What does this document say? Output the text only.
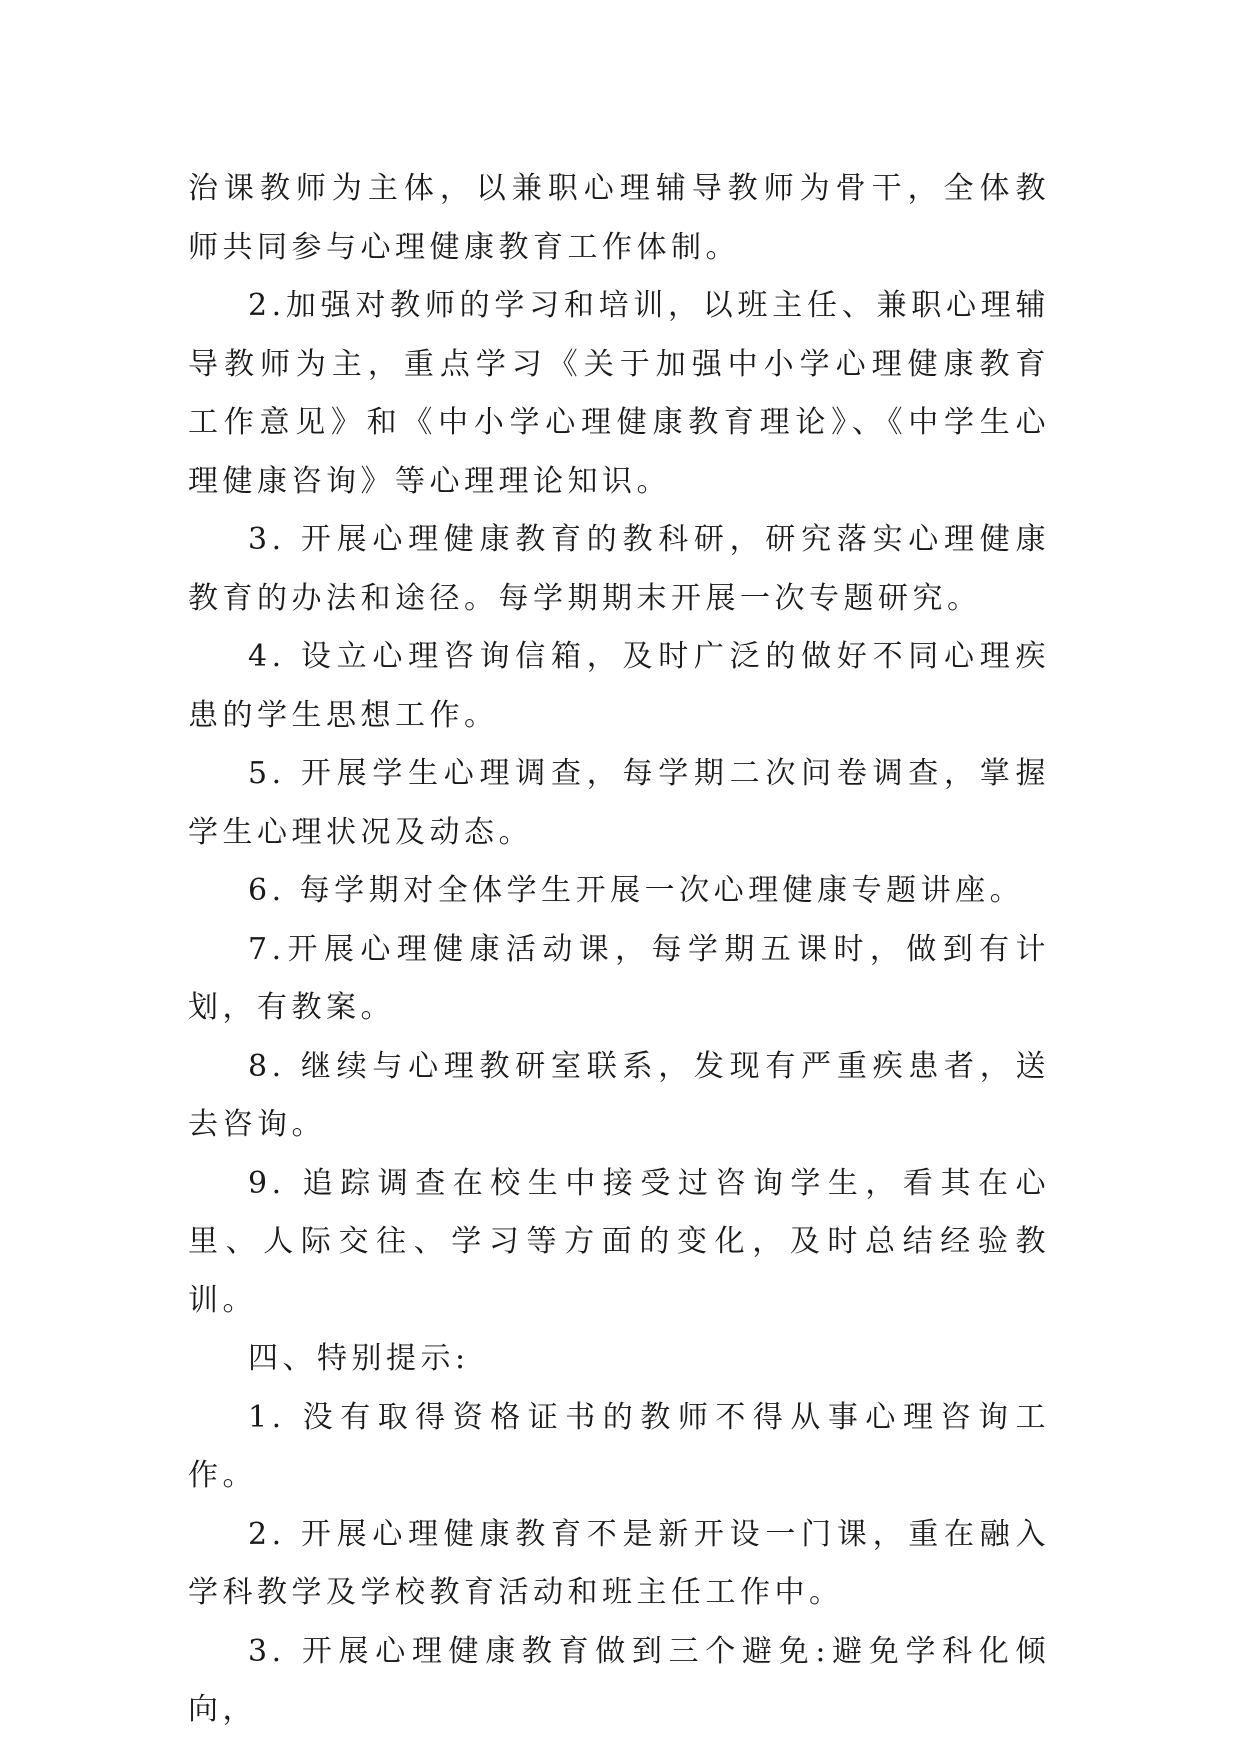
治课教师为主体，以兼职心理辅导教师为骨干，全体教师共同参与心理健康教育工作体制。

2.加强对教师的学习和培训，以班主任、兼职心理辅导教师为主，重点学习《关于加强中小学心理健康教育工作意见》和《中小学心理健康教育理论》、《中学生心理健康咨询》等心理理论知识。

3. 开展心理健康教育的教科研，研究落实心理健康教育的办法和途径。每学期期末开展一次专题研究。

4. 设立心理咨询信箱，及时广泛的做好不同心理疾患的学生思想工作。

5. 开展学生心理调查，每学期二次问卷调查，掌握学生心理状况及动态。

6. 每学期对全体学生开展一次心理健康专题讲座。

7.开展心理健康活动课，每学期五课时，做到有计划，有教案。

8. 继续与心理教研室联系，发现有严重疾患者，送去咨询。

9. 追踪调查在校生中接受过咨询学生，看其在心里、人际交往、学习等方面的变化，及时总结经验教训。

四、特别提示:

1. 没有取得资格证书的教师不得从事心理咨询工作。

2. 开展心理健康教育不是新开设一门课，重在融入学科教学及学校教育活动和班主任工作中。

3. 开展心理健康教育做到三个避免:避免学科化倾向，
